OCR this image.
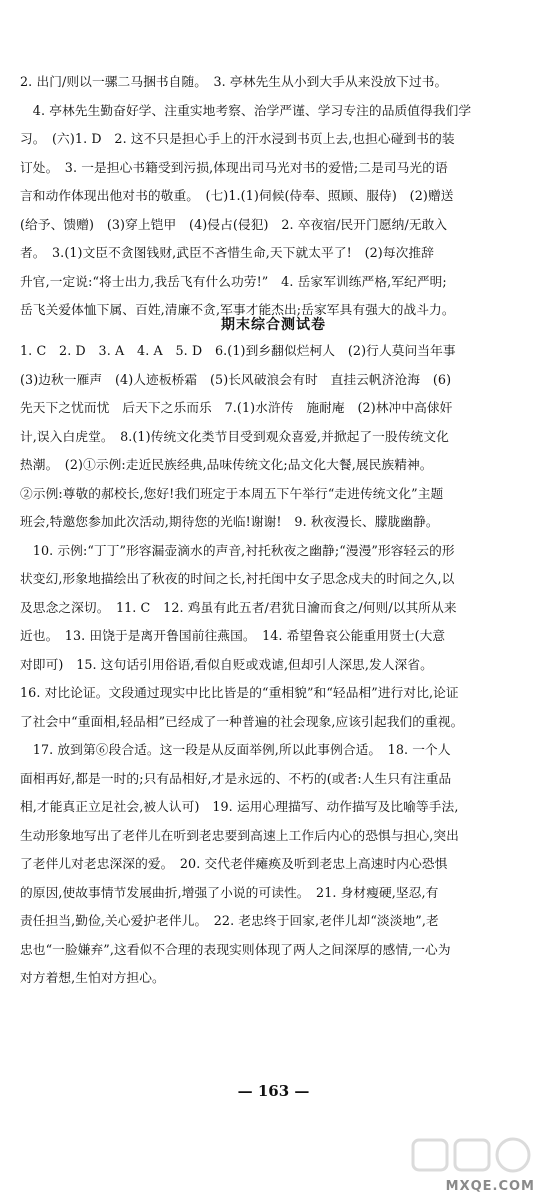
2. 出门/则以一骡二马捆书自随。　3. 亭林先生从小到大手从来没放下过书。
　4. 亭林先生勤奋好学、注重实地考察、治学严谨、学习专注的品质值得我们学
习。　(六)1. D　2. 这不只是担心手上的汗水浸到书页上去,也担心碰到书的装
订处。　3. 一是担心书籍受到污损,体现出司马光对书的爱惜;二是司马光的语
言和动作体现出他对书的敬重。　(七)1.(1)伺候(侍奉、照顾、服侍)　(2)赠送
(给予、馈赠)　(3)穿上铠甲　(4)侵占(侵犯)　2. 卒夜宿/民开门愿纳/无敢入
者。　3.(1)文臣不贪图钱财,武臣不吝惜生命,天下就太平了!　(2)每次推辞
升官,一定说:“将士出力,我岳飞有什么功劳!”　4. 岳家军训练严格,军纪严明;
岳飞关爱体恤下属、百姓,清廉不贪,军事才能杰出;岳家军具有强大的战斗力。
期末综合测试卷
1. C　2. D　3. A　4. A　5. D　6.(1)到乡翻似烂柯人　(2)行人莫问当年事
(3)边秋一雁声　(4)人迹板桥霜　(5)长风破浪会有时　直挂云帆济沧海　(6)
先天下之忧而忧　后天下之乐而乐　7.(1)水浒传　施耐庵　(2)林冲中高俅奸
计,误入白虎堂。　8.(1)传统文化类节目受到观众喜爱,并掀起了一股传统文化
热潮。　(2)①示例:走近民族经典,品味传统文化;品文化大餐,展民族精神。
②示例:尊敬的郝校长,您好!我们班定于本周五下午举行“走进传统文化”主题
班会,特邀您参加此次活动,期待您的光临!谢谢!　9. 秋夜漫长、朦胧幽静。
　10. 示例:“丁丁”形容漏壶滴水的声音,衬托秋夜之幽静;“漫漫”形容轻云的形
状变幻,形象地描绘出了秋夜的时间之长,衬托闺中女子思念戍夫的时间之久,以
及思念之深切。　11. C　12. 鸡虽有此五者/君犹日瀹而食之/何则/以其所从来
近也。　13. 田饶于是离开鲁国前往燕国。　14. 希望鲁哀公能重用贤士(大意
对即可)　15. 这句话引用俗语,看似自贬或戏谑,但却引人深思,发人深省。
16. 对比论证。文段通过现实中比比皆是的“重相貌”和“轻品相”进行对比,论证
了社会中“重面相,轻品相”已经成了一种普遍的社会现象,应该引起我们的重视。
　17. 放到第⑥段合适。这一段是从反面举例,所以此事例合适。　18. 一个人
面相再好,都是一时的;只有品相好,才是永远的、不朽的(或者:人生只有注重品
相,才能真正立足社会,被人认可)　19. 运用心理描写、动作描写及比喻等手法,
生动形象地写出了老伴儿在听到老忠要到高速上工作后内心的恐惧与担心,突出
了老伴儿对老忠深深的爱。　20. 交代老伴瘫痪及听到老忠上高速时内心恐惧
的原因,使故事情节发展曲折,增强了小说的可读性。　21. 身材瘦硬,坚忍,有
责任担当,勤俭,关心爱护老伴儿。　22. 老忠终于回家,老伴儿却“淡淡地”,老
忠也“一脸嫌弃”,这看似不合理的表现实则体现了两人之间深厚的感情,一心为
对方着想,生怕对方担心。
— 163 —
MXQE.COM
